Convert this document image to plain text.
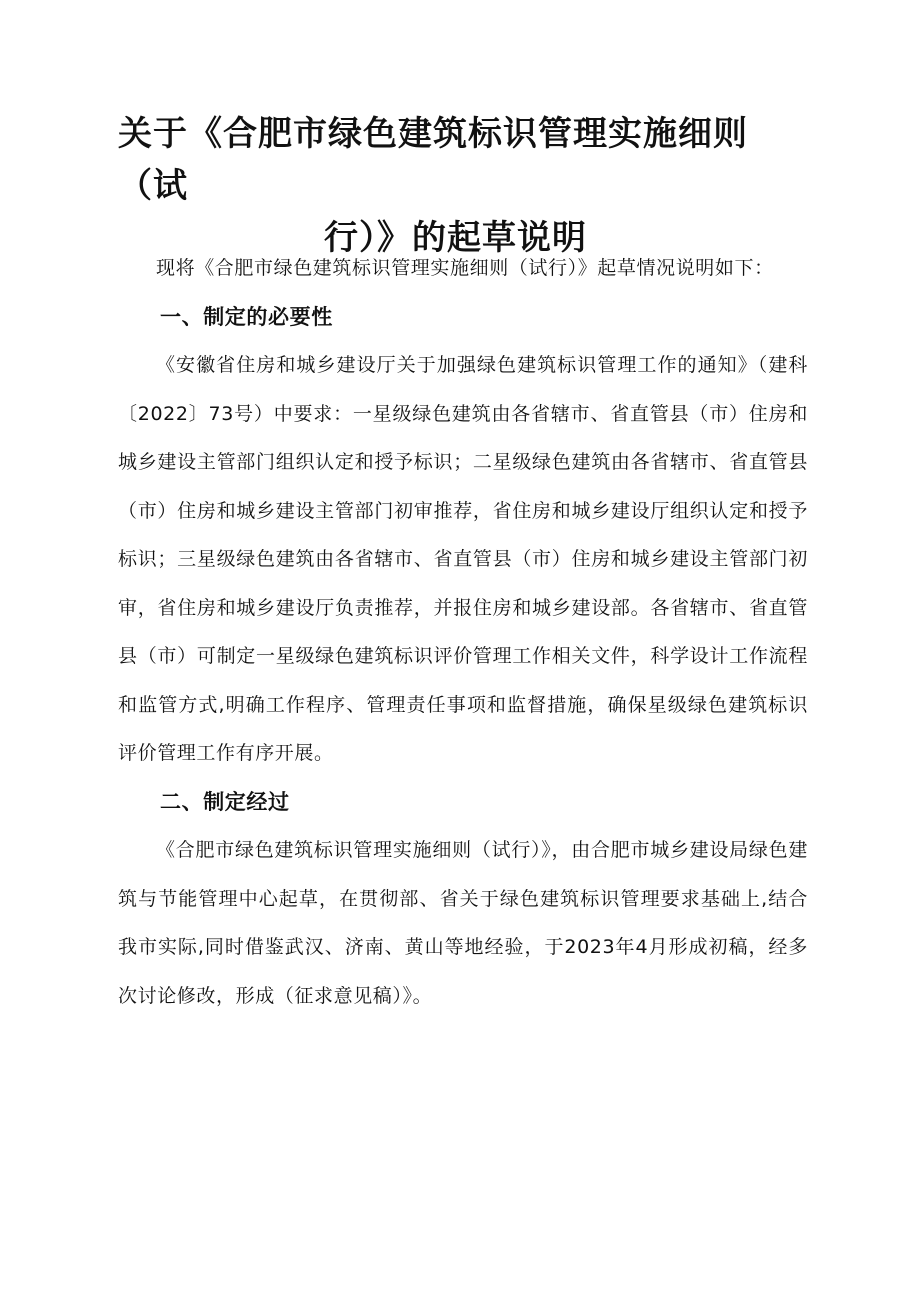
关于《合肥市绿色建筑标识管理实施细则（试
行）》的起草说明

现将《合肥市绿色建筑标识管理实施细则（试行）》起草情况说明如下：

一、制定的必要性

《安徽省住房和城乡建设厅关于加强绿色建筑标识管理工作的通知》（建科〔2022〕73号）中要求：一星级绿色建筑由各省辖市、省直管县（市）住房和城乡建设主管部门组织认定和授予标识；二星级绿色建筑由各省辖市、省直管县（市）住房和城乡建设主管部门初审推荐，省住房和城乡建设厅组织认定和授予标识；三星级绿色建筑由各省辖市、省直管县（市）住房和城乡建设主管部门初审，省住房和城乡建设厅负责推荐，并报住房和城乡建设部。各省辖市、省直管县（市）可制定一星级绿色建筑标识评价管理工作相关文件，科学设计工作流程和监管方式,明确工作程序、管理责任事项和监督措施，确保星级绿色建筑标识评价管理工作有序开展。

二、制定经过

《合肥市绿色建筑标识管理实施细则（试行）》，由合肥市城乡建设局绿色建筑与节能管理中心起草，在贯彻部、省关于绿色建筑标识管理要求基础上,结合我市实际,同时借鉴武汉、济南、黄山等地经验，于2023年4月形成初稿，经多次讨论修改，形成（征求意见稿）》。
